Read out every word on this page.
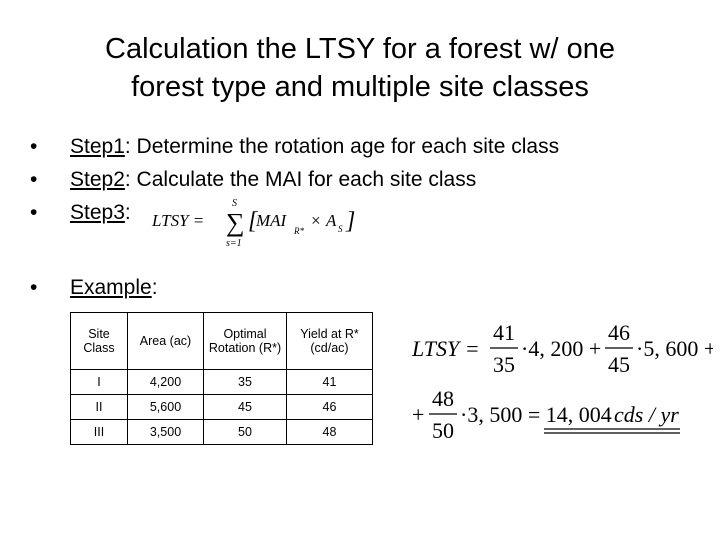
Calculation the LTSY for a forest w/ one
forest type and multiple site classes
• Step1: Determine the rotation age for each site class
• Step2: Calculate the MAI for each site class
• Step3:	LTSY =
S
∑
s=1
[
MAI
R*
× A S ]
• Example:
Site Class	Area (ac)	Optimal Rotation (R*)	Yield at R* (cd/ac)
I	4,200	35	41
II	5,600	45	46
III	3,500	50	48
LTSY =
41
35
·4, 200 +
46
45
·5, 600 +
+
48
50
·3, 500 = 14, 004 cds / yr
